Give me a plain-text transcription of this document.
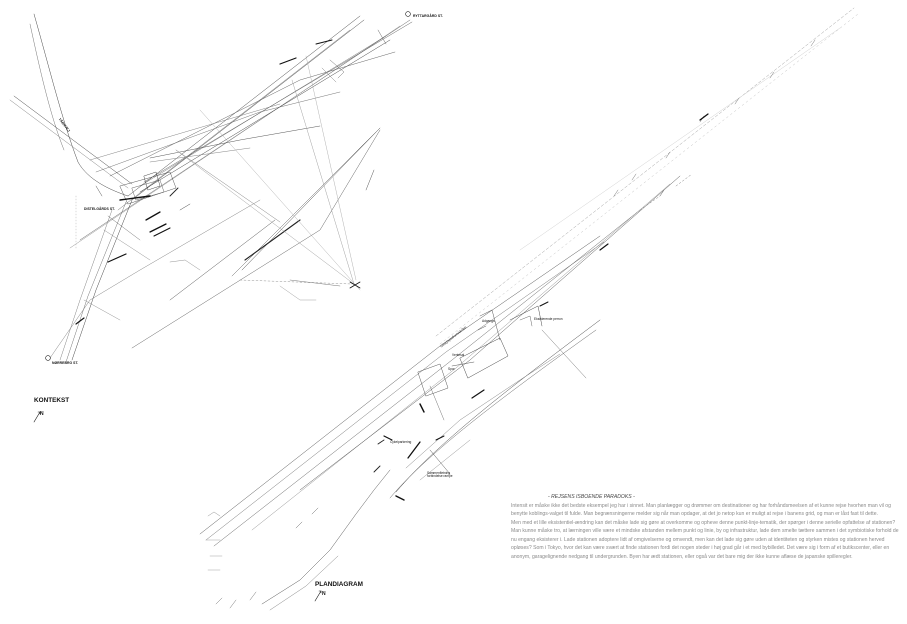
RYTTARGÅRD ST.
TÅRNVEJ
DISTELGÅRDS ST.
NØRREBRO ST.
KONTEKST
N
PLANDIAGRAM
N
Udsigtsplatform/skråsti
Ventesal
Eksisterende perron
Spor
Adgangs
Cykelparkering
Sammenfletning forbindelse rampe

- REJSENS ISBOENDE PARADOKS -

Intensit er måske ikke det bedste eksempel jeg har i sinnet. Man planlægger og drømmer om destinationer og har forhåndsmeelsen af et kunne rejse hvorhen man vil og benytte koblings-valget til fulde. Man begrænsningerne melder sig når man opdager, at det jo netop kun er muligt at rejse i banens grid, og man er låst fast til dette.

Men med et lille eksistentiel-ændring kan det måske lade sig gøre at overkomme og opheve denne punkt-linje-tematik, der spørger i denne serielle opfattelse af stationen?

Man kunne måske tro, at lærningen ville være et mindske afstanden mellem punkt og linie, by og infrastruktur, lade dem smelte tættere sammen i det symbiotiske forhold de nu engang eksisterer i. Lade stationen adoptere lidt af omgivelserne og omvendt, men kan det lade sig gøre uden at identiteten og styrken mistes og stationen herved opløses? Som i Tokyo, hvor det kan være svært at finde stationen fordi det nogen steder i høj grad går i et med bybilledet. Det være sig i form af et butikscenter, eller en anonym, garagelignende nedgang til undergrunden. Byen har ædt stationen, eller også var det bare mig der ikke kunne aflæse de japanske spilleregler.
